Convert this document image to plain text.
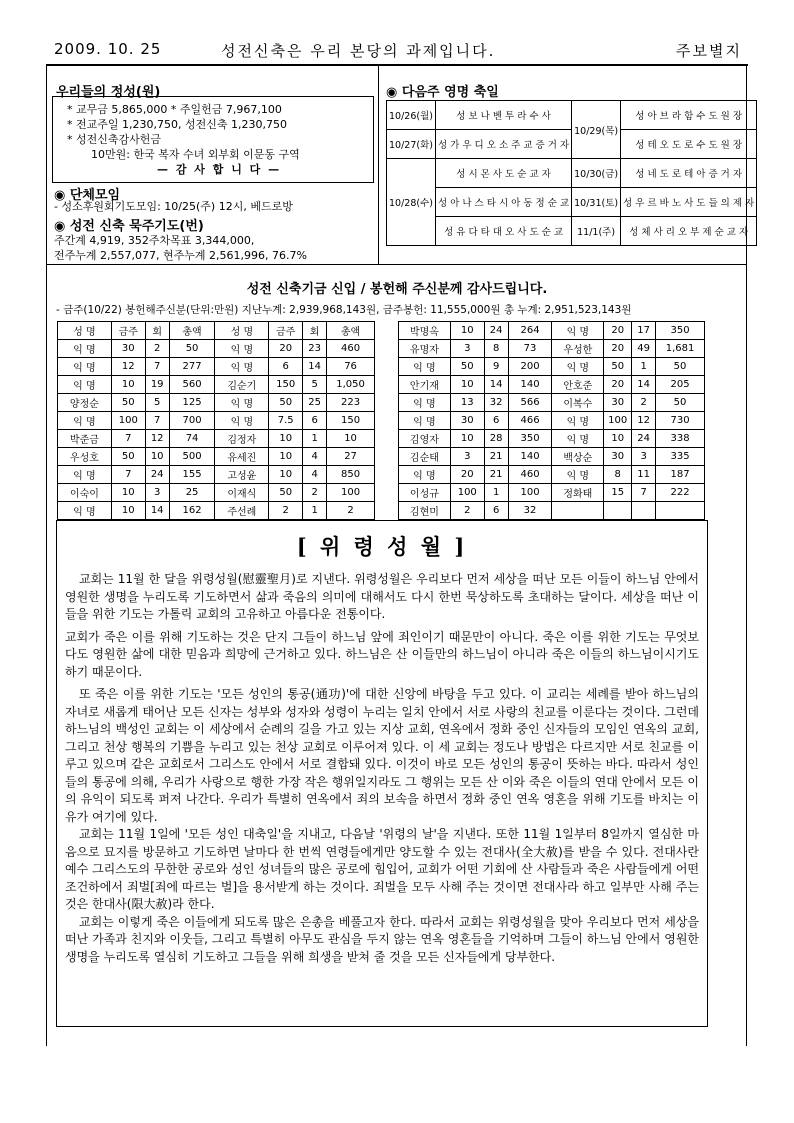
2009. 10. 25	성전신축은 우리 본당의 과제입니다.	주보별지
우리들의 정성(원)
* 교무금 5,865,000 * 주일헌금 7,967,100
* 전교주일 1,230,750, 성전신축 1,230,750
* 성전신축감사헌금
10만원: 한국 복자 수녀 외부회 이문동 구역
— 감 사 합 니 다 —
◉ 단체모임
- 성소후원회기도모임: 10/25(주) 12시, 베드로방
◉ 성전 신축 묵주기도(번)
주간계 4,919, 352주차목표 3,344,000,
전주누계 2,557,077, 현주누계 2,561,996, 76.7%
◉ 다음주 영명 축일
10/26(월)	성 보 나 벤 투 라 수 사	10/29(목)	성 아 브 라 함 수 도 원 장
10/27(화)	성 가 우 디 오 소 주 교 증 거 자		성 테 오 도 로 수 도 원 장
10/28(수)	성 시 몬 사 도 순 교 자	10/30(금)	성 네 도 로 테 아 증 거 자
	성 아 나 스 타 시 아 동 정 순 교	10/31(토)	성 우 르 바 노 사 도 들 의 제 자
	성 유 다 타 대 오 사 도 순 교	11/1(주)	성 체 사 리 오 부 제 순 교 자
성전 신축기금 신입 / 봉헌해 주신분께 감사드립니다.
- 금주(10/22) 봉헌해주신분(단위:만원) 지난누계: 2,939,968,143원, 금주봉헌: 11,555,000원 총 누계: 2,951,523,143원
성 명	금주	회	총액	성 명	금주	회	총액
익 명	30	2	50	익 명	20	23	460
익 명	12	7	277	익 명	6	14	76
익 명	10	19	560	김순기	150	5	1,050
양정순	50	5	125	익 명	50	25	223
익 명	100	7	700	익 명	7.5	6	150
박준금	7	12	74	김정자	10	1	10
우성호	50	10	500	유세진	10	4	27
익 명	7	24	155	고성윤	10	4	850
이숙이	10	3	25	이재식	50	2	100
익 명	10	14	162	주선례	2	1	2
박명옥	10	24	264	익 명	20	17	350
유명자	3	8	73	우성한	20	49	1,681
익 명	50	9	200	익 명	50	1	50
안기재	10	14	140	안호준	20	14	205
익 명	13	32	566	이복수	30	2	50
익 명	30	6	466	익 명	100	12	730
김영자	10	28	350	익 명	10	24	338
김순태	3	21	140	백상순	30	3	335
익 명	20	21	460	익 명	8	11	187
이성규	100	1	100	정화태	15	7	222
김현미	2	6	32				
[ 위 령 성 월 ]

교회는 11월 한 달을 위령성월(慰靈聖月)로 지낸다. 위령성월은 우리보다 먼저 세상을 떠난 모든 이들이 하느님 안에서 영원한 생명을 누리도록 기도하면서 삶과 죽음의 의미에 대해서도 다시 한번 묵상하도록 초대하는 달이다. 세상을 떠난 이들을 위한 기도는 가톨릭 교회의 고유하고 아름다운 전통이다.

교회가 죽은 이를 위해 기도하는 것은 단지 그들이 하느님 앞에 죄인이기 때문만이 아니다. 죽은 이를 위한 기도는 무엇보다도 영원한 삶에 대한 믿음과 희망에 근거하고 있다. 하느님은 산 이들만의 하느님이 아니라 죽은 이들의 하느님이시기도 하기 때문이다.

또 죽은 이를 위한 기도는 '모든 성인의 통공(通功)'에 대한 신앙에 바탕을 두고 있다. 이 교리는 세례를 받아 하느님의 자녀로 새롭게 태어난 모든 신자는 성부와 성자와 성령이 누리는 일치 안에서 서로 사랑의 친교를 이룬다는 것이다. 그런데 하느님의 백성인 교회는 이 세상에서 순례의 길을 가고 있는 지상 교회, 연옥에서 정화 중인 신자들의 모임인 연옥의 교회, 그리고 천상 행복의 기쁨을 누리고 있는 천상 교회로 이루어져 있다. 이 세 교회는 정도나 방법은 다르지만 서로 친교를 이루고 있으며 같은 교회로서 그리스도 안에서 서로 결합돼 있다. 이것이 바로 모든 성인의 통공이 뜻하는 바다. 따라서 성인들의 통공에 의해, 우리가 사랑으로 행한 가장 작은 행위일지라도 그 행위는 모든 산 이와 죽은 이들의 연대 안에서 모든 이의 유익이 되도록 퍼져 나간다. 우리가 특별히 연옥에서 죄의 보속을 하면서 정화 중인 연옥 영혼을 위해 기도를 바치는 이유가 여기에 있다.

교회는 11월 1일에 '모든 성인 대축일'을 지내고, 다음날 '위령의 날'을 지낸다. 또한 11월 1일부터 8일까지 열심한 마음으로 묘지를 방문하고 기도하면 날마다 한 번씩 연령들에게만 양도할 수 있는 전대사(全大赦)를 받을 수 있다. 전대사란 예수 그리스도의 무한한 공로와 성인 성녀들의 많은 공로에 힘입어, 교회가 어떤 기회에 산 사람들과 죽은 사람들에게 어떤 조건하에서 죄벌[죄에 따르는 벌]을 용서받게 하는 것이다. 죄벌을 모두 사해 주는 것이면 전대사라 하고 일부만 사해 주는 것은 한대사(限大赦)라 한다.

교회는 이렇게 죽은 이들에게 되도록 많은 은총을 베풀고자 한다. 따라서 교회는 위령성월을 맞아 우리보다 먼저 세상을 떠난 가족과 친지와 이웃들, 그리고 특별히 아무도 관심을 두지 않는 연옥 영혼들을 기억하며 그들이 하느님 안에서 영원한 생명을 누리도록 열심히 기도하고 그들을 위해 희생을 받쳐 줄 것을 모든 신자들에게 당부한다.
